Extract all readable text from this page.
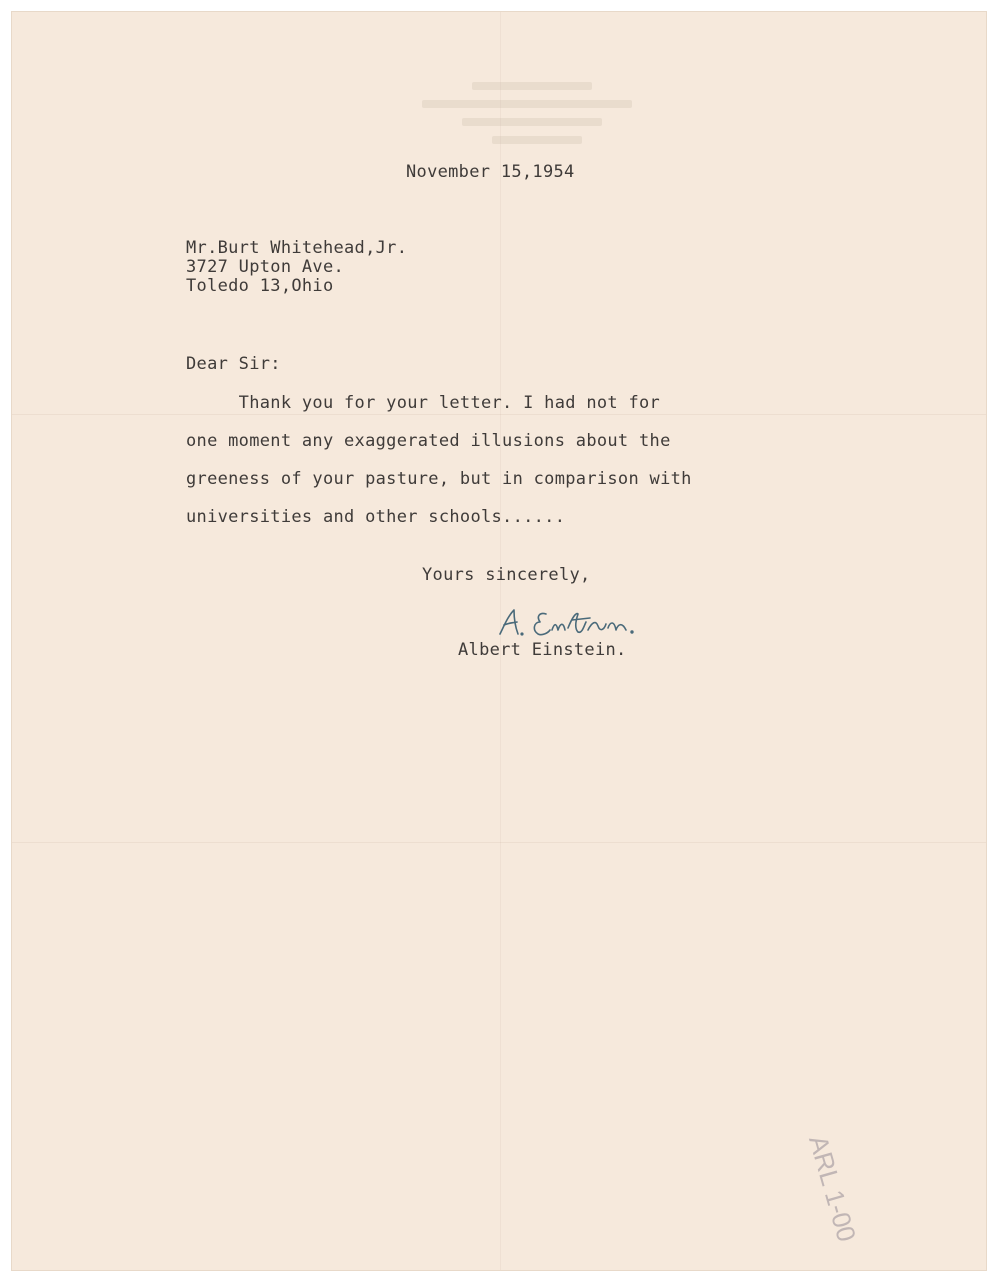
November 15,1954
Mr.Burt Whitehead,Jr.
3727 Upton Ave.
Toledo 13,Ohio
Dear Sir:
Thank you for your letter. I had not for
one moment any exaggerated illusions about the
greeness of your pasture, but in comparison with
universities and other schools......
Yours sincerely,
Albert Einstein.
ARL 1-00
